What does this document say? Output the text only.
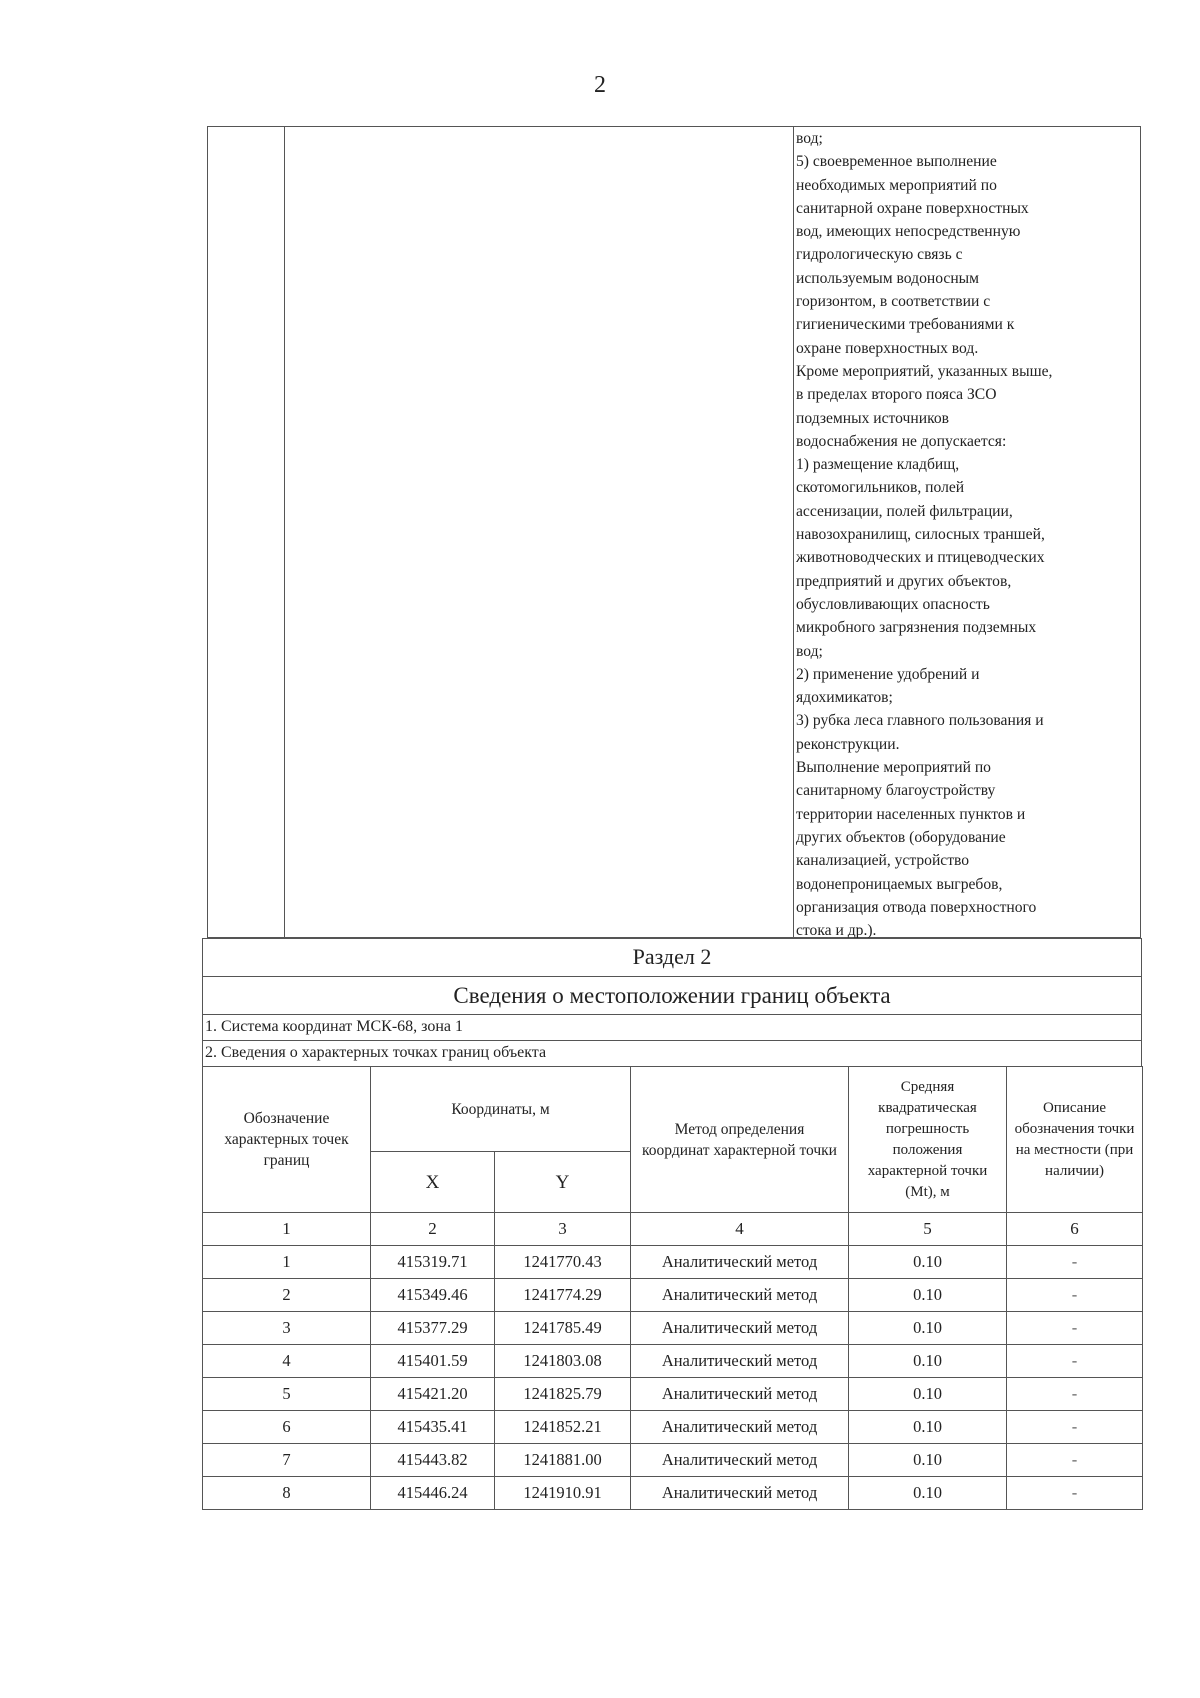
2
вод;
5) своевременное выполнение
необходимых мероприятий по
санитарной охране поверхностных
вод, имеющих непосредственную
гидрологическую связь с
используемым водоносным
горизонтом, в соответствии с
гигиеническими требованиями к
охране поверхностных вод.
Кроме мероприятий, указанных выше,
в пределах второго пояса ЗСО
подземных источников
водоснабжения не допускается:
1) размещение кладбищ,
скотомогильников, полей
ассенизации, полей фильтрации,
навозохранилищ, силосных траншей,
животноводческих и птицеводческих
предприятий и других объектов,
обусловливающих опасность
микробного загрязнения подземных
вод;
2) применение удобрений и
ядохимикатов;
3) рубка леса главного пользования и
реконструкции.
Выполнение мероприятий по
санитарному благоустройству
территории населенных пунктов и
других объектов (оборудование
канализацией, устройство
водонепроницаемых выгребов,
организация отвода поверхностного
стока и др.).
Раздел 2
Сведения о местоположении границ объекта
1. Система координат МСК-68, зона 1
2. Сведения о характерных точках границ объекта
Обозначение характерных точек границ	Координаты, м		Метод определения координат характерной точки	Средняя квадратическая погрешность положения характерной точки (Mt), м	Описание обозначения точки на местности (при наличии)
	X	Y			
1	2	3	4	5	6
1	415319.71	1241770.43	Аналитический метод	0.10	-
2	415349.46	1241774.29	Аналитический метод	0.10	-
3	415377.29	1241785.49	Аналитический метод	0.10	-
4	415401.59	1241803.08	Аналитический метод	0.10	-
5	415421.20	1241825.79	Аналитический метод	0.10	-
6	415435.41	1241852.21	Аналитический метод	0.10	-
7	415443.82	1241881.00	Аналитический метод	0.10	-
8	415446.24	1241910.91	Аналитический метод	0.10	-
